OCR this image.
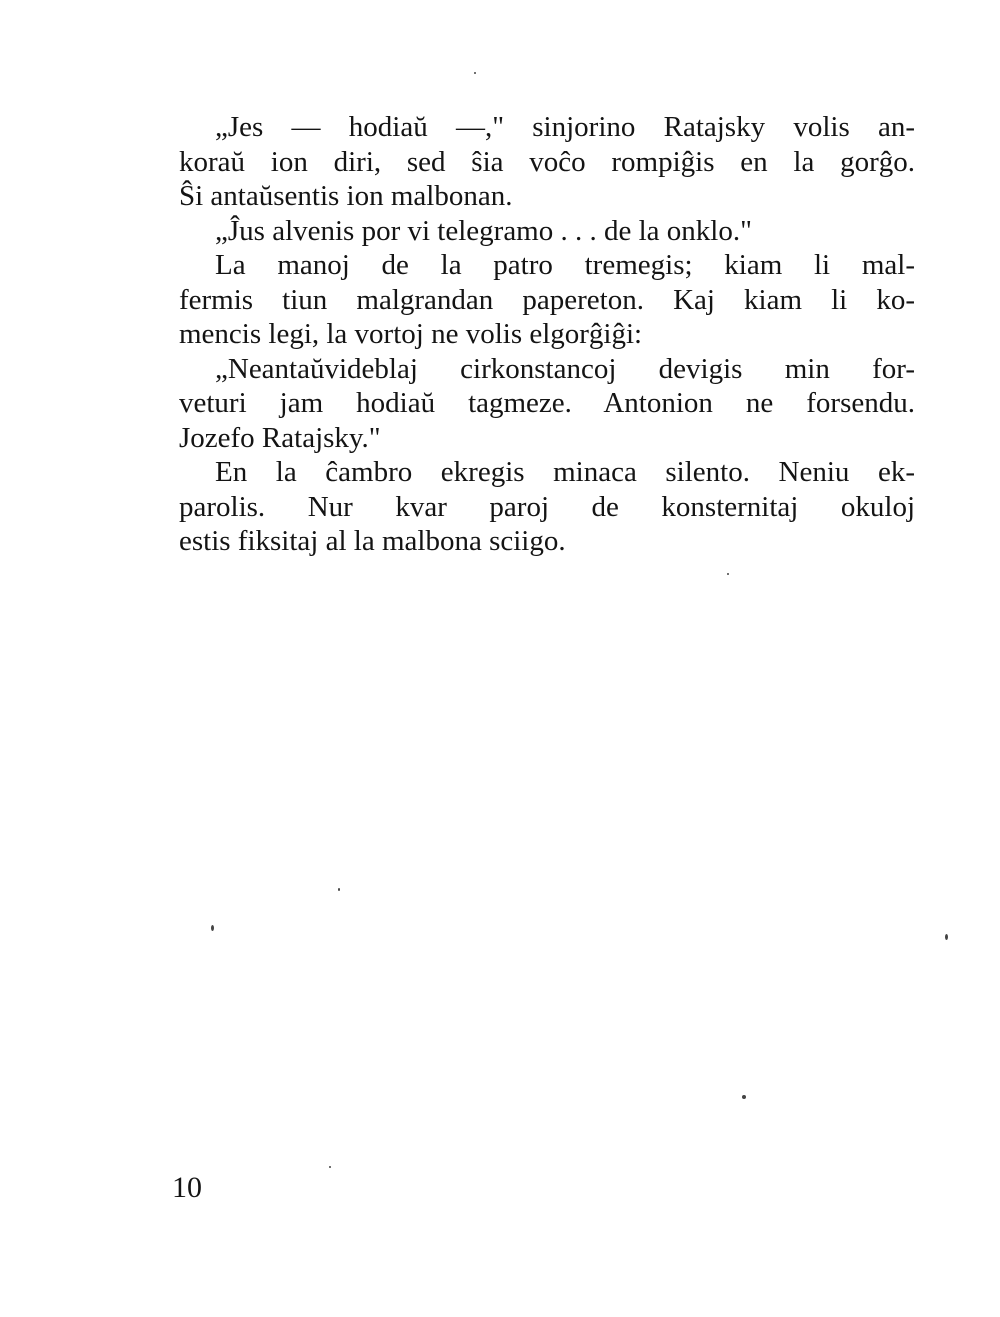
„Jes — hodiaŭ —," sinjorino Ratajsky volis an-
koraŭ ion diri, sed ŝia voĉo rompiĝis en la gorĝo.
Ŝi antaŭsentis ion malbonan.
„Ĵus alvenis por vi telegramo . . . de la onklo."
La manoj de la patro tremegis; kiam li mal-
fermis tiun malgrandan papereton. Kaj kiam li ko-
mencis legi, la vortoj ne volis elgorĝiĝi:
„Neantaŭvideblaj cirkonstancoj devigis min for-
veturi jam hodiaŭ tagmeze. Antonion ne forsendu.
Jozefo Ratajsky."
En la ĉambro ekregis minaca silento. Neniu ek-
parolis. Nur kvar paroj de konsternitaj okuloj
estis fiksitaj al la malbona sciigo.
10
